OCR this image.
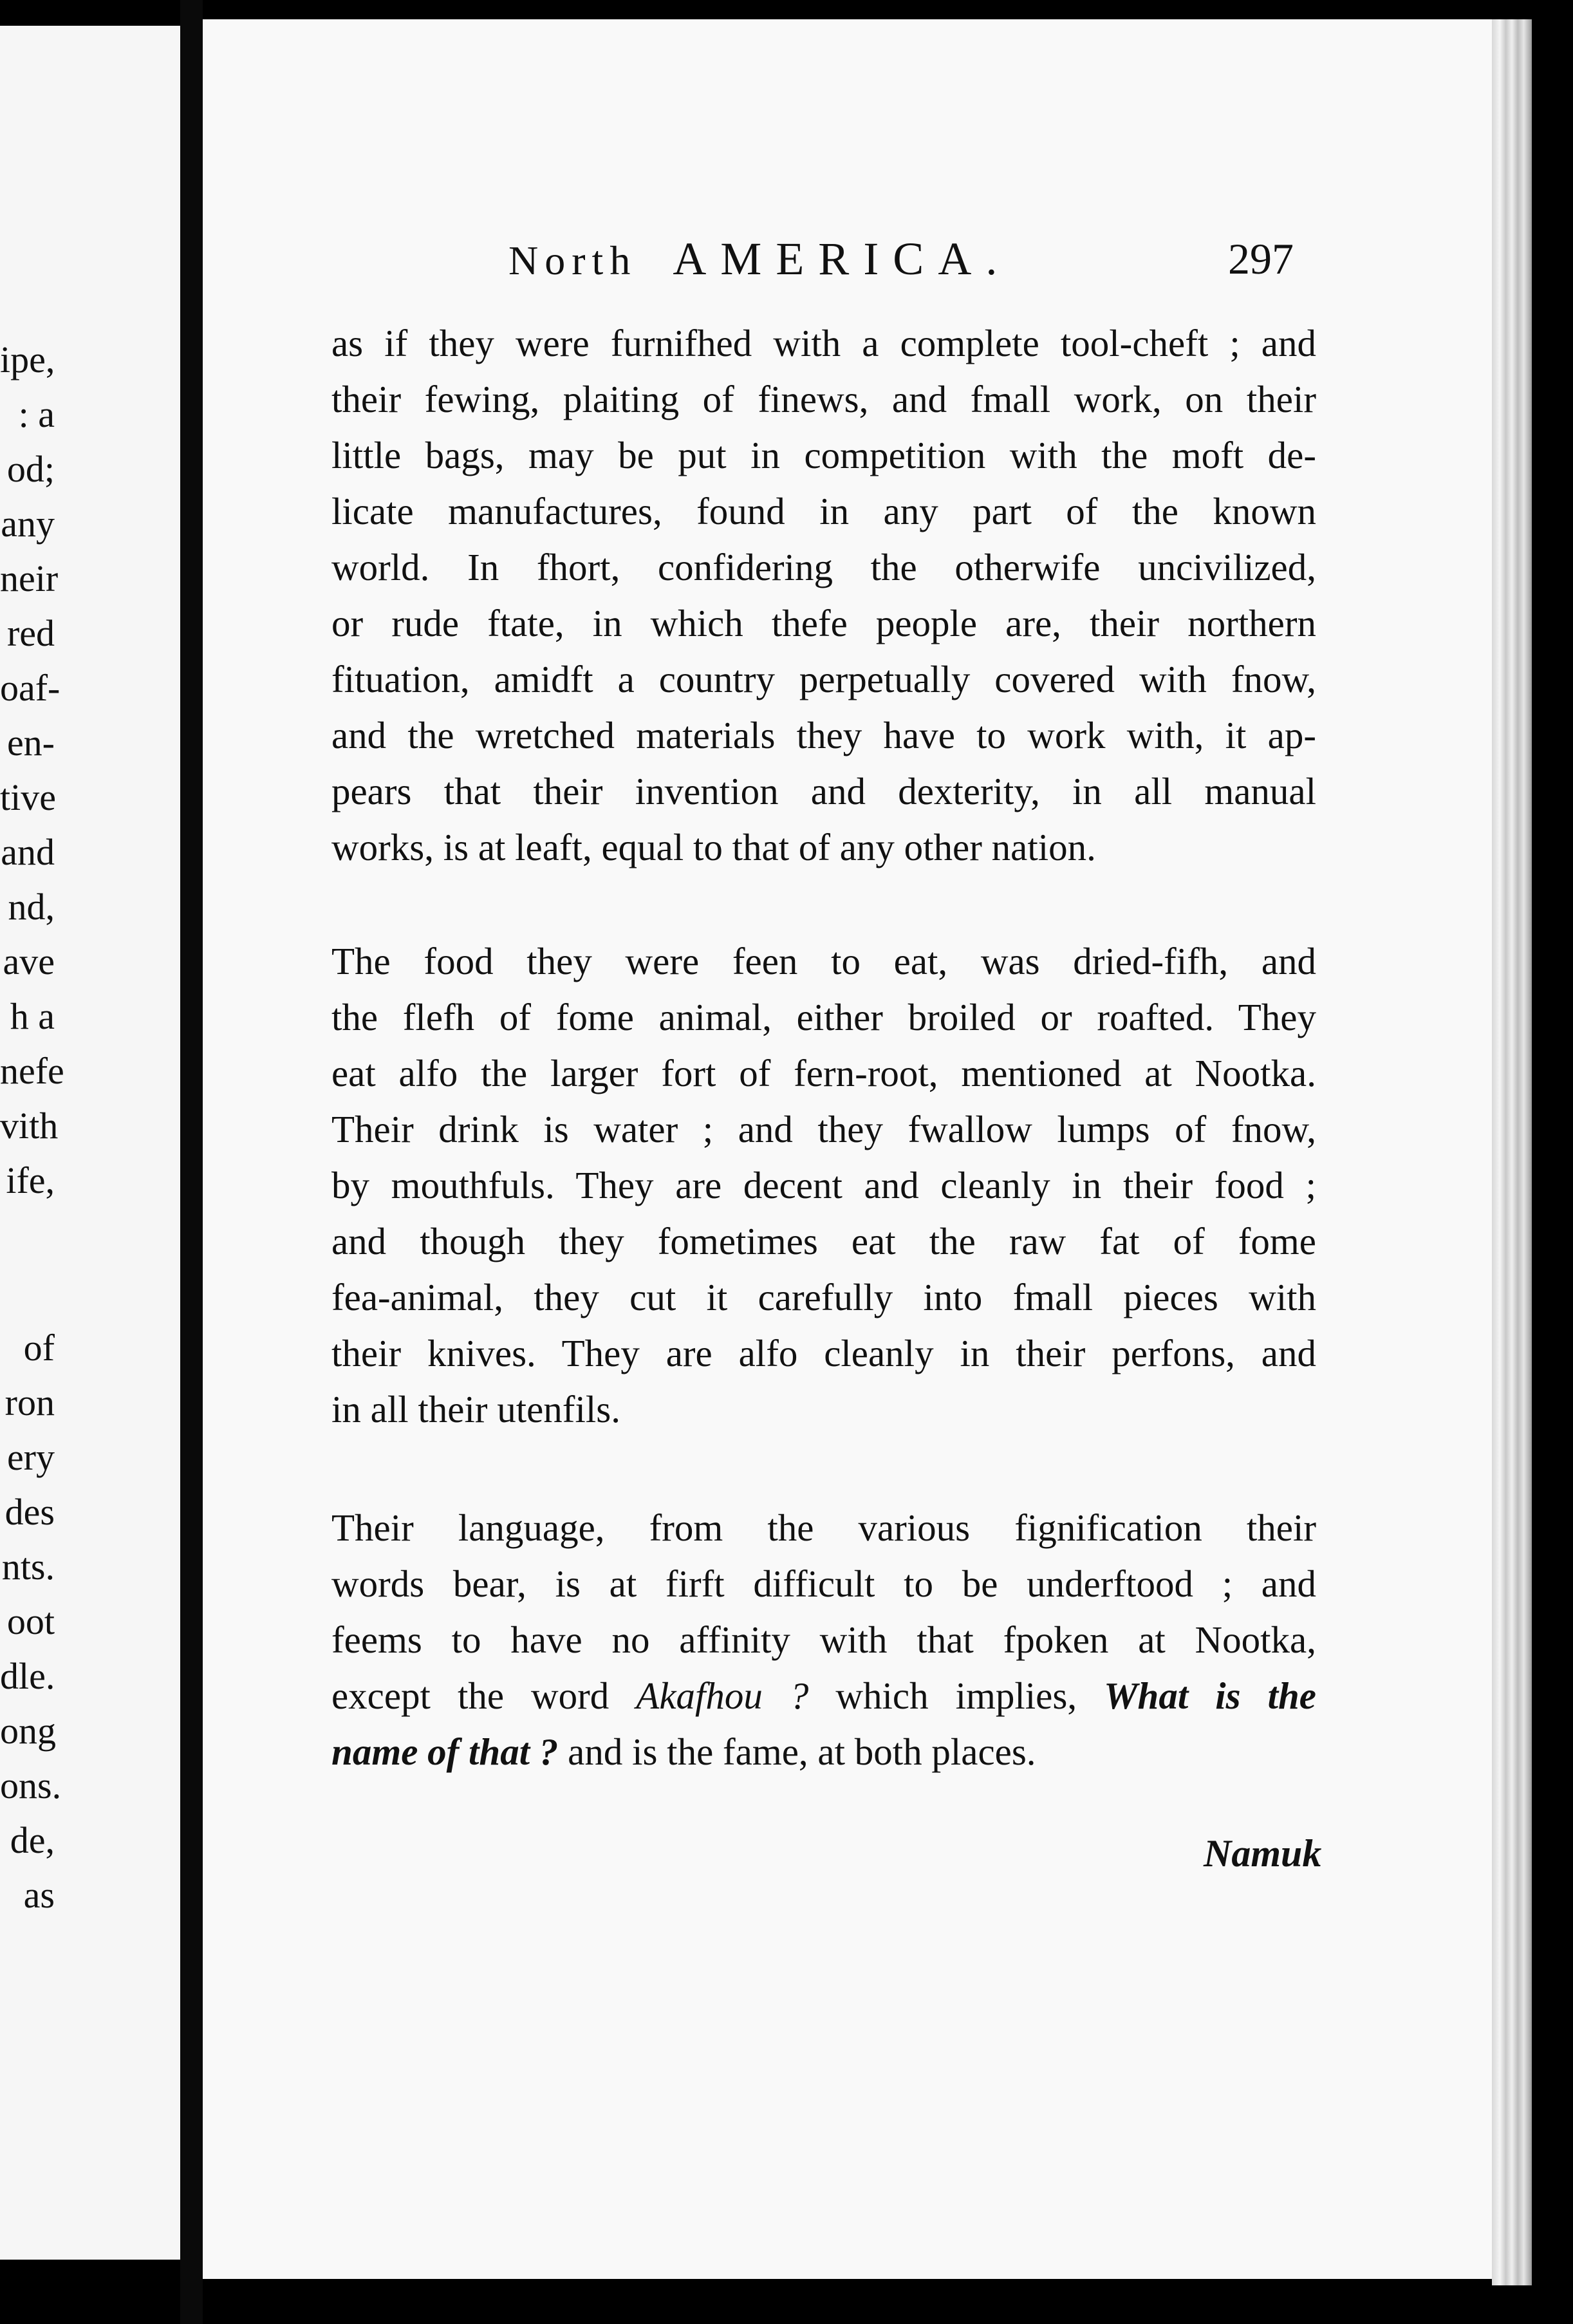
ipe,
: a
od;
any
neir
red
oaf-
en-
tive
and
nd,
ave
h a
nefe
vith
ife,
of
ron
ery
des
nts.
oot
dle.
ong
ons.
de,
as
North AMERICA.	297
as if they were furnifhed with a complete tool-cheft ; and
their fewing, plaiting of finews, and fmall work, on their
little bags, may be put in competition with the moft de-
licate manufactures, found in any part of the known
world. In fhort, confidering the otherwife uncivilized,
or rude ftate, in which thefe people are, their northern
fituation, amidft a country perpetually covered with fnow,
and the wretched materials they have to work with, it ap-
pears that their invention and dexterity, in all manual
works, is at leaft, equal to that of any other nation.
The food they were feen to eat, was dried-fifh, and
the flefh of fome animal, either broiled or roafted. They
eat alfo the larger fort of fern-root, mentioned at Nootka.
Their drink is water ; and they fwallow lumps of fnow,
by mouthfuls. They are decent and cleanly in their food ;
and though they fometimes eat the raw fat of fome
fea-animal, they cut it carefully into fmall pieces with
their knives. They are alfo cleanly in their perfons, and
in all their utenfils.
Their language, from the various fignification their
words bear, is at firft difficult to be underftood ; and
feems to have no affinity with that fpoken at Nootka,
except the word Akafhou ? which implies, What is the
name of that ? and is the fame, at both places.
Namuk
